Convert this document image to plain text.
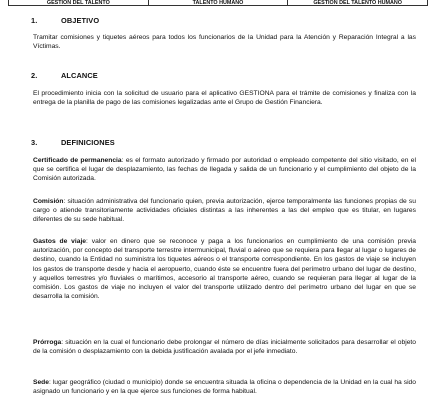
GESTIÓN DEL TALENTO	TALENTO HUMANO	GESTIÓN DEL TALENTO HUMANO
1.	OBJETIVO

Tramitar comisiones y tiquetes aéreos para todos los funcionarios de la Unidad para la Atención y Reparación Integral a las Víctimas.

2.	ALCANCE

El procedimiento inicia con la solicitud de usuario para el aplicativo GESTIONA para el trámite de comisiones y finaliza con la entrega de la planilla de pago de las comisiones legalizadas ante el Grupo de Gestión Financiera.

3.	DEFINICIONES

Certificado de permanencia: es el formato autorizado y firmado por autoridad o empleado competente del sitio visitado, en el que se certifica el lugar de desplazamiento, las fechas de llegada y salida de un funcionario y el cumplimiento del objeto de la Comisión autorizada.

Comisión: situación administrativa del funcionario quien, previa autorización, ejerce temporalmente las funciones propias de su cargo o atiende transitoriamente actividades oficiales distintas a las inherentes a las del empleo que es titular, en lugares diferentes de su sede habitual.

Gastos de viaje: valor en dinero que se reconoce y paga a los funcionarios en cumplimiento de una comisión previa autorización, por concepto del transporte terrestre intermunicipal, fluvial o aéreo que se requiera para llegar al lugar o lugares de destino, cuando la Entidad no suministra los tiquetes aéreos o el transporte correspondiente. En los gastos de viaje se incluyen los gastos de transporte desde y hacia el aeropuerto, cuando éste se encuentre fuera del perímetro urbano del lugar de destino, y aquellos terrestres y/o fluviales o marítimos, accesorio al transporte aéreo, cuando se requieran para llegar al lugar de la comisión. Los gastos de viaje no incluyen el valor del transporte utilizado dentro del perímetro urbano del lugar en que se desarrolla la comisión.

Prórroga: situación en la cual el funcionario debe prolongar el número de días inicialmente solicitados para desarrollar el objeto de la comisión o desplazamiento con la debida justificación avalada por el jefe inmediato.

Sede: lugar geográfico (ciudad o municipio) donde se encuentra situada la oficina o dependencia de la Unidad en la cual ha sido asignado un funcionario y en la que ejerce sus funciones de forma habitual.
